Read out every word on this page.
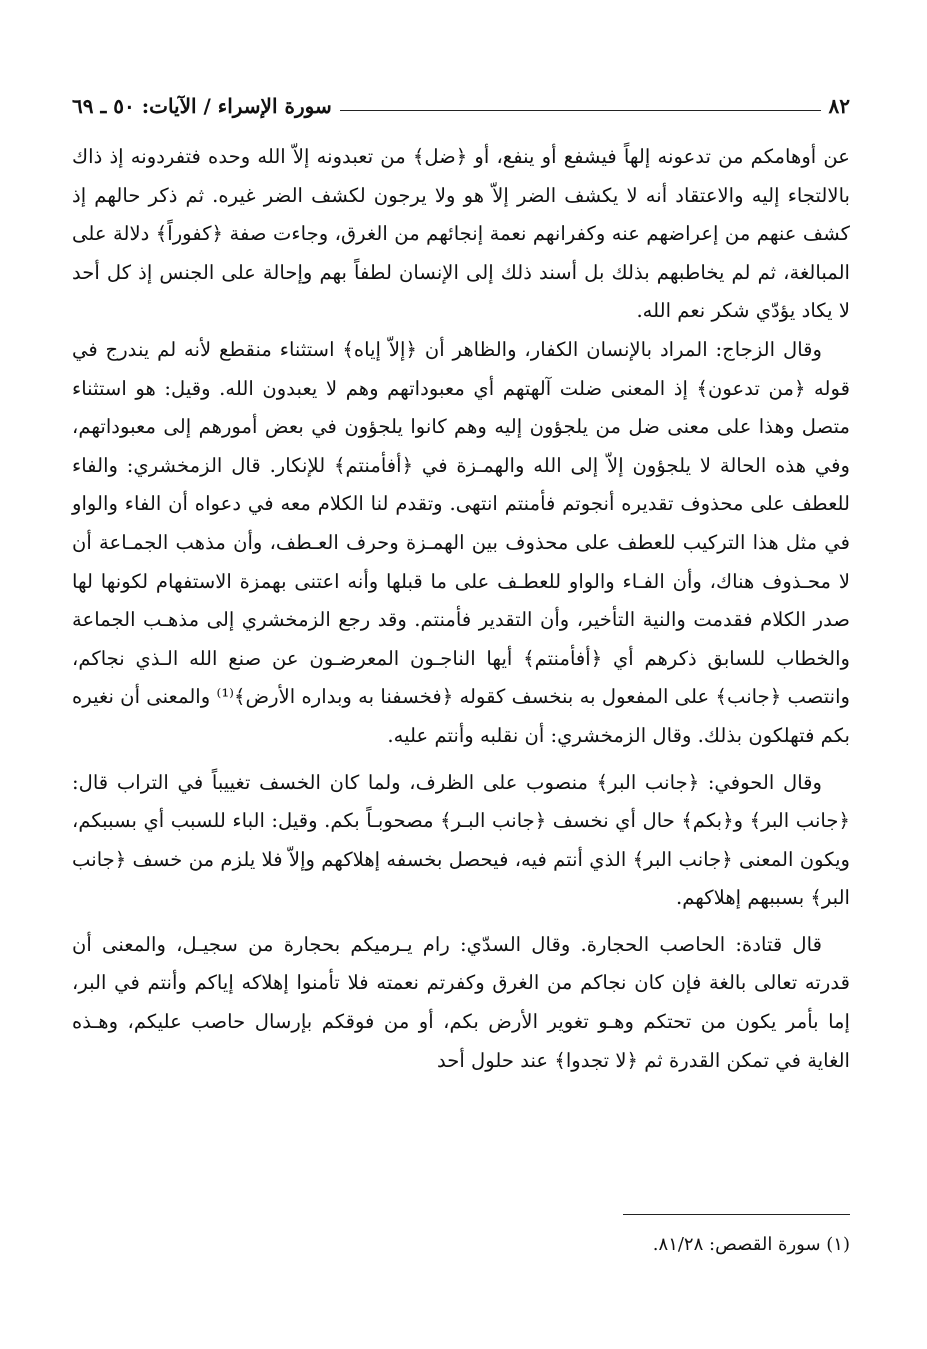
٨٢
سورة الإسراء / الآيات: ٥٠ ـ ٦٩

عن أوهامكم من تدعونه إلهاً فيشفع أو ينفع، أو ﴿ضل﴾ من تعبدونه إلاّ الله وحده فتفردونه إذ ذاك بالالتجاء إليه والاعتقاد أنه لا يكشف الضر إلاّ هو ولا يرجون لكشف الضر غيره. ثم ذكر حالهم إذ كشف عنهم من إعراضهم عنه وكفرانهم نعمة إنجائهم من الغرق، وجاءت صفة ﴿كفوراً﴾ دلالة على المبالغة، ثم لم يخاطبهم بذلك بل أسند ذلك إلى الإنسان لطفاً بهم وإحالة على الجنس إذ كل أحد لا يكاد يؤدّي شكر نعم الله.

وقال الزجاج: المراد بالإنسان الكفار، والظاهر أن ﴿إلاّ إياه﴾ استثناء منقطع لأنه لم يندرج في قوله ﴿من تدعون﴾ إذ المعنى ضلت آلهتهم أي معبوداتهم وهم لا يعبدون الله. وقيل: هو استثناء متصل وهذا على معنى ضل من يلجؤون إليه وهم كانوا يلجؤون في بعض أمورهم إلى معبوداتهم، وفي هذه الحالة لا يلجؤون إلاّ إلى الله والهمـزة في ﴿أفأمنتم﴾ للإنكار. قال الزمخشري: والفاء للعطف على محذوف تقديره أنجوتم فأمنتم انتهى. وتقدم لنا الكلام معه في دعواه أن الفاء والواو في مثل هذا التركيب للعطف على محذوف بين الهمـزة وحرف العـطف، وأن مذهب الجمـاعة أن لا محـذوف هناك، وأن الفـاء والواو للعطـف على ما قبلها وأنه اعتنى بهمزة الاستفهام لكونها لها صدر الكلام فقدمت والنية التأخير، وأن التقدير فأمنتم. وقد رجع الزمخشري إلى مذهـب الجماعة والخطاب للسابق ذكرهم أي ﴿أفأمنتم﴾ أيها الناجـون المعرضـون عن صنع الله الـذي نجاكم، وانتصب ﴿جانب﴾ على المفعول به بنخسف كقوله ﴿فخسفنا به وبداره الأرض﴾⁽¹⁾ والمعنى أن نغيره بكم فتهلكون بذلك. وقال الزمخشري: أن نقلبه وأنتم عليه.

وقال الحوفي: ﴿جانب البر﴾ منصوب على الظرف، ولما كان الخسف تغييباً في التراب قال: ﴿جانب البر﴾ و﴿بكم﴾ حال أي نخسف ﴿جانب البـر﴾ مصحوبـاً بكم. وقيل: الباء للسبب أي بسببكم، ويكون المعنى ﴿جانب البر﴾ الذي أنتم فيه، فيحصل بخسفه إهلاكهم وإلاّ فلا يلزم من خسف ﴿جانب البر﴾ بسببهم إهلاكهم.

قال قتادة: الحاصب الحجارة. وقال السدّي: رام يـرميكم بحجارة من سجيـل، والمعنى أن قدرته تعالى بالغة فإن كان نجاكم من الغرق وكفرتم نعمته فلا تأمنوا إهلاكه إياكم وأنتم في البر، إما بأمر يكون من تحتكم وهـو تغوير الأرض بكم، أو من فوقكم بإرسال حاصب عليكم، وهـذه الغاية في تمكن القدرة ثم ﴿لا تجدوا﴾ عند حلول أحد

(١) سورة القصص: ٨١/٢٨.
